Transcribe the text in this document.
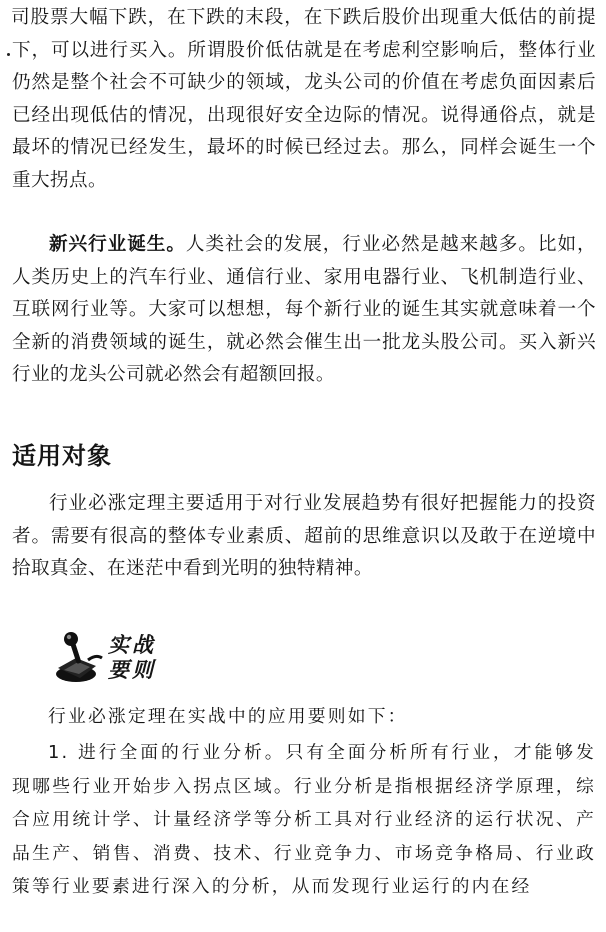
司股票大幅下跌，在下跌的末段，在下跌后股价出现重大低估的前提下，可以进行买入。所谓股价低估就是在考虑利空影响后，整体行业仍然是整个社会不可缺少的领域，龙头公司的价值在考虑负面因素后已经出现低估的情况，出现很好安全边际的情况。说得通俗点，就是最坏的情况已经发生，最坏的时候已经过去。那么，同样会诞生一个重大拐点。

新兴行业诞生。人类社会的发展，行业必然是越来越多。比如，人类历史上的汽车行业、通信行业、家用电器行业、飞机制造行业、互联网行业等。大家可以想想，每个新行业的诞生其实就意味着一个全新的消费领域的诞生，就必然会催生出一批龙头股公司。买入新兴行业的龙头公司就必然会有超额回报。

适用对象

行业必涨定理主要适用于对行业发展趋势有很好把握能力的投资者。需要有很高的整体专业素质、超前的思维意识以及敢于在逆境中拾取真金、在迷茫中看到光明的独特精神。

实战要则

行业必涨定理在实战中的应用要则如下：

1. 进行全面的行业分析。只有全面分析所有行业，才能够发现哪些行业开始步入拐点区域。行业分析是指根据经济学原理，综合应用统计学、计量经济学等分析工具对行业经济的运行状况、产品生产、销售、消费、技术、行业竞争力、市场竞争格局、行业政策等行业要素进行深入的分析，从而发现行业运行的内在经
